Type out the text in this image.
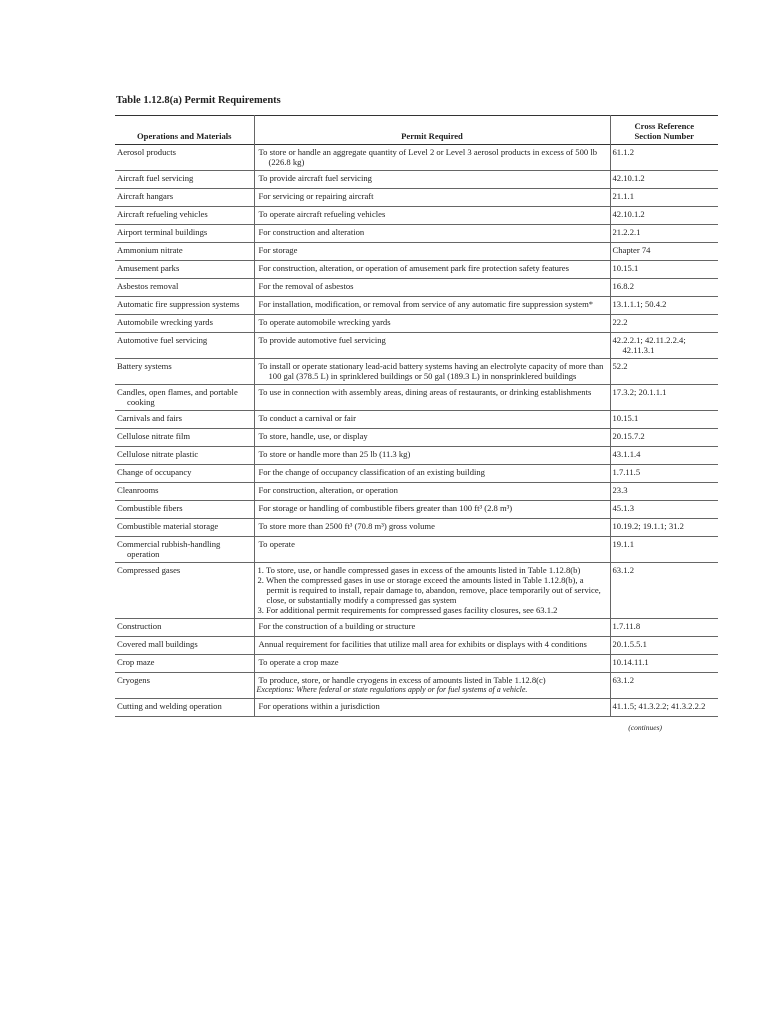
Table 1.12.8(a) Permit Requirements
Operations and Materials	Permit Required	Cross Reference
Section Number

Aerosol products	To store or handle an aggregate quantity of Level 2 or Level 3 aerosol products in excess of 500 lb (226.8 kg)	61.1.2
Aircraft fuel servicing	To provide aircraft fuel servicing	42.10.1.2
Aircraft hangars	For servicing or repairing aircraft	21.1.1
Aircraft refueling vehicles	To operate aircraft refueling vehicles	42.10.1.2
Airport terminal buildings	For construction and alteration	21.2.2.1
Ammonium nitrate	For storage	Chapter 74
Amusement parks	For construction, alteration, or operation of amusement park fire protection safety features	10.15.1
Asbestos removal	For the removal of asbestos	16.8.2
Automatic fire suppression systems	For installation, modification, or removal from service of any automatic fire suppression system*	13.1.1.1; 50.4.2
Automobile wrecking yards	To operate automobile wrecking yards	22.2
Automotive fuel servicing	To provide automotive fuel servicing	42.2.2.1; 42.11.2.2.4; 42.11.3.1
Battery systems	To install or operate stationary lead-acid battery systems having an electrolyte capacity of more than 100 gal (378.5 L) in sprinklered buildings or 50 gal (189.3 L) in nonsprinklered buildings	52.2
Candles, open flames, and portable cooking	To use in connection with assembly areas, dining areas of restaurants, or drinking establishments	17.3.2; 20.1.1.1
Carnivals and fairs	To conduct a carnival or fair	10.15.1
Cellulose nitrate film	To store, handle, use, or display	20.15.7.2
Cellulose nitrate plastic	To store or handle more than 25 lb (11.3 kg)	43.1.1.4
Change of occupancy	For the change of occupancy classification of an existing building	1.7.11.5
Cleanrooms	For construction, alteration, or operation	23.3
Combustible fibers	For storage or handling of combustible fibers greater than 100 ft³ (2.8 m³)	45.1.3
Combustible material storage	To store more than 2500 ft³ (70.8 m³) gross volume	10.19.2; 19.1.1; 31.2
Commercial rubbish-handling operation	To operate	19.1.1
Compressed gases	1. To store, use, or handle compressed gases in excess of the amounts listed in Table 1.12.8(b)
2. When the compressed gases in use or storage exceed the amounts listed in Table 1.12.8(b), a permit is required to install, repair damage to, abandon, remove, place temporarily out of service, close, or substantially modify a compressed gas system
3. For additional permit requirements for compressed gases facility closures, see 63.1.2	63.1.2
Construction	For the construction of a building or structure	1.7.11.8
Covered mall buildings	Annual requirement for facilities that utilize mall area for exhibits or displays with 4 conditions	20.1.5.5.1
Crop maze	To operate a crop maze	10.14.11.1
Cryogens	To produce, store, or handle cryogens in excess of amounts listed in Table 1.12.8(c)
Exceptions: Where federal or state regulations apply or for fuel systems of a vehicle.	63.1.2
Cutting and welding operation	For operations within a jurisdiction	41.1.5; 41.3.2.2; 41.3.2.2.2
(continues)
